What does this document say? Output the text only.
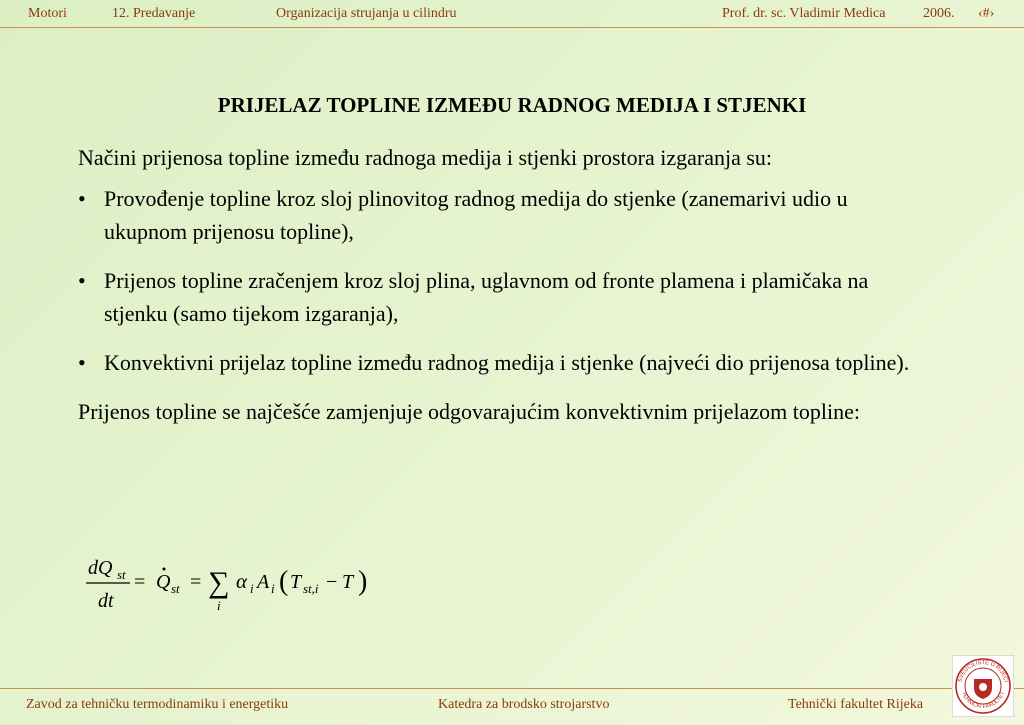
Motori	12. Predavanje	Organizacija strujanja u cilindru	Prof. dr. sc. Vladimir Medica	2006. ‹#›
PRIJELAZ TOPLINE IZMEĐU RADNOG MEDIJA I STJENKI

Načini prijenosa topline između radnoga medija i stjenki prostora izgaranja su:

• Provođenje topline kroz sloj plinovitog radnog medija do stjenke (zanemarivi udio u ukupnom prijenosu topline),
• Prijenos topline zračenjem kroz sloj plina, uglavnom od fronte plamena i plamičaka na stjenku (samo tijekom izgaranja),
• Konvektivni prijelaz topline između radnog medija i stjenke (najveći dio prijenosa topline).

Prijenos topline se najčešće zamjenjuje odgovarajućim konvektivnim prijelazom topline:

dQ st
dt
= Q st = ∑
i
α i A i ( T st,i − T )
Zavod za tehničku termodinamiku i energetiku	Katedra za brodsko strojarstvo	Tehnički fakultet Rijeka
SVEUČILIŠTE U RIJECI
TEHNIČKI FAKULTET
